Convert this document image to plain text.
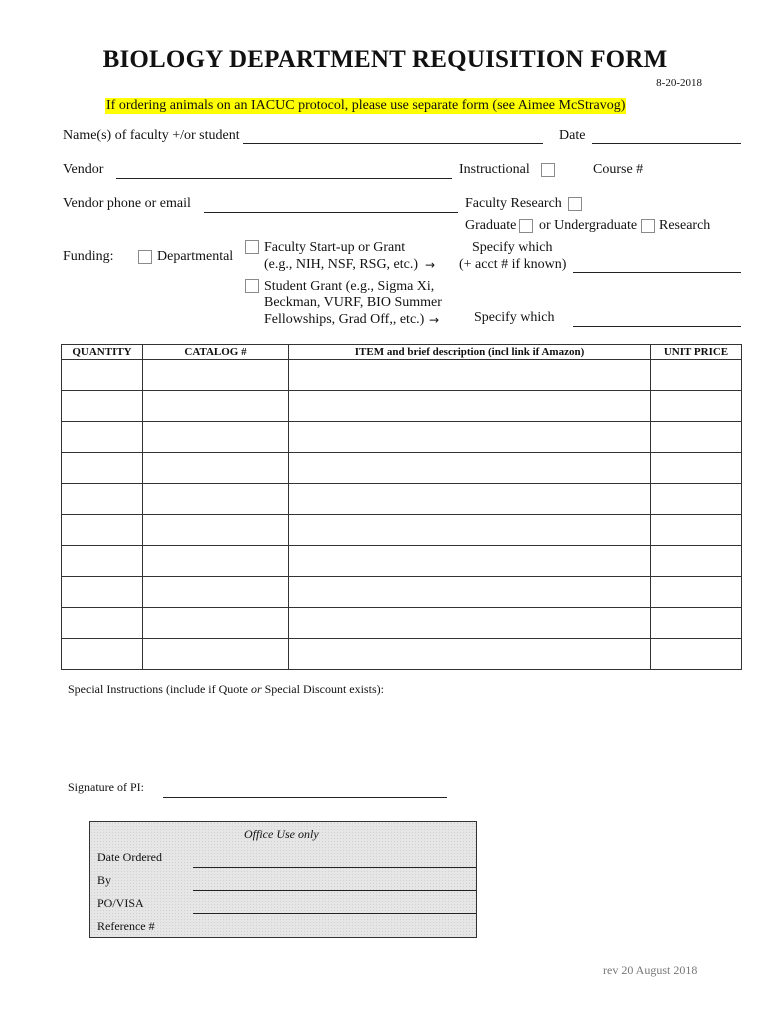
BIOLOGY DEPARTMENT REQUISITION FORM
8-20-2018
If ordering animals on an IACUC protocol, please use separate form (see Aimee McStravog)
Name(s) of faculty +/or student	Date
Vendor	Instructional	Course #
Vendor phone or email	Faculty Research
Graduate or Undergraduate Research
Funding:	Departmental
Faculty Start-up or Grant
(e.g., NIH, NSF, RSG, etc.) →
Specify which
(+ acct # if known)
Student Grant (e.g., Sigma Xi,
Beckman, VURF, BIO Summer
Fellowships, Grad Off,, etc.) → Specify which
QUANTITY	CATALOG #	ITEM and brief description (incl link if Amazon)	UNIT PRICE

Special Instructions (include if Quote or Special Discount exists):
Signature of PI:
Office Use only
Date Ordered
By
PO/VISA
Reference #
rev 20 August 2018
